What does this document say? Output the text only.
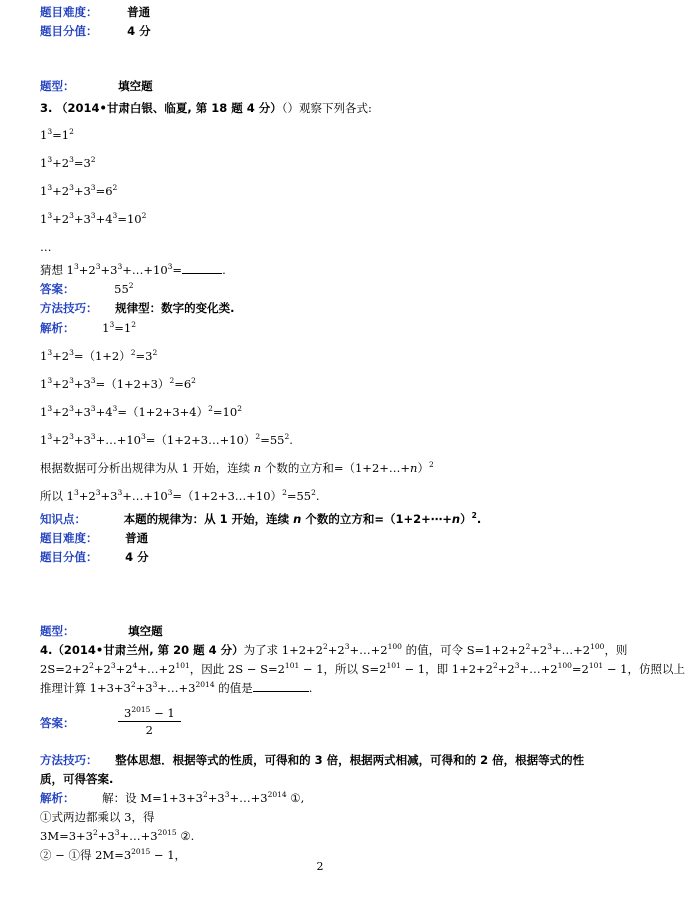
题目难度：	普通
题目分值：	4 分
题型：	填空题
3. （2014•甘肃白银、临夏, 第 18 题 4 分）（）观察下列各式:
$1^3=1^2$
$1^3+2^3=3^2$
$1^3+2^3+3^3=6^2$
$1^3+2^3+3^3+4^3=10^2$
…
猜想 $1^3+2^3+3^3+\dots+10^3=$	.
答案：	$55^2$
方法技巧： 规律型：数字的变化类.
解析： $1^3=1^2$
$1^3+2^3=(1+2)^2=3^2$
$1^3+2^3+3^3=(1+2+3)^2=6^2$
$1^3+2^3+3^3+4^3=(1+2+3+4)^2=10^2$
$1^3+2^3+3^3+\dots+10^3=(1+2+3\dots+10)^2=55^2$.
根据数据可分析出规律为从 1 开始，连续 n 个数的立方和=（1+2+…+n）$^2$
所以 $1^3+2^3+3^3+\dots+10^3=(1+2+3\dots+10)^2=55^2$.
知识点：	本题的规律为：从 1 开始，连续 n 个数的立方和=（1+2+⋯+n）$^2$.
题目难度： 普通
题目分值： 4 分
题型：	填空题
4.（2014•甘肃兰州, 第 20 题 4 分）为了求 $1+2+2^2+2^3+\dots+2^{100}$ 的值，可令 $S=1+2+2^2+2^3+\dots+2^{100}$，则
$2S=2+2^2+2^3+2^4+\dots+2^{101}$，因此 $2S - S=2^{101} - 1$，所以 $S=2^{101} - 1$，即 $1+2+2^2+2^3+\dots+2^{100}=2^{101} - 1$，仿照以上
推理计算 $1+3+3^2+3^3+\dots+3^{2014}$ 的值是	.
答案：	$\frac{3^{2015} - 1}{2}$
方法技巧： 整体思想．根据等式的性质，可得和的 3 倍，根据两式相减，可得和的 2 倍，根据等式的性
质，可得答案.
解析： 解：设 $M=1+3+3^2+3^3+\dots+3^{2014}$ ①,
①式两边都乘以 3，得
$3M=3+3^2+3^3+\dots+3^{2015}$ ②.
② − ①得 $2M=3^{2015} - 1$，
2
